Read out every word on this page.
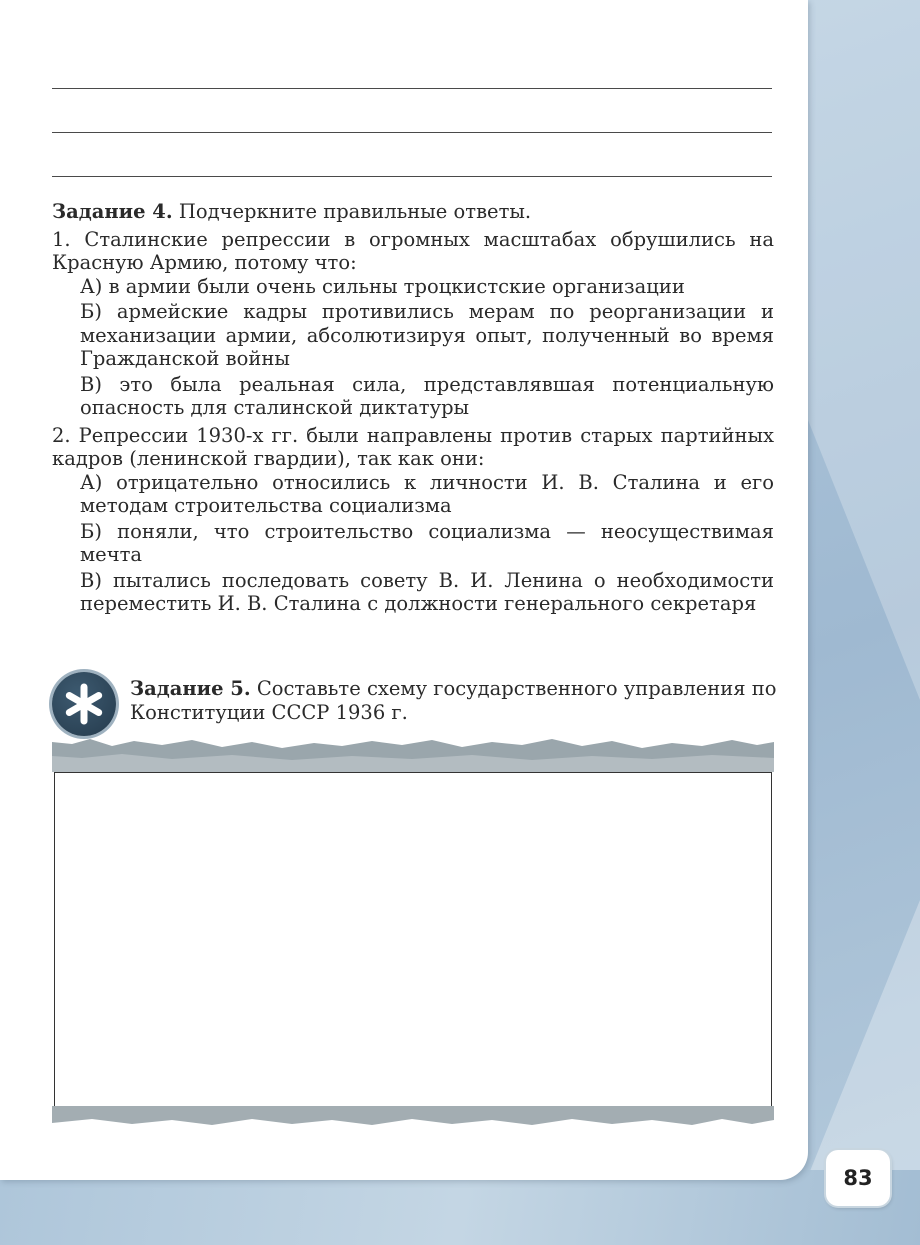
Задание 4. Подчеркните правильные ответы.

1. Сталинские репрессии в огромных масштабах обрушились на Красную Армию, потому что:

А) в армии были очень сильны троцкистские организации

Б) армейские кадры противились мерам по реорганизации и механизации армии, абсолютизируя опыт, полученный во время Гражданской войны

В) это была реальная сила, представлявшая потенциальную опасность для сталинской диктатуры

2. Репрессии 1930-х гг. были направлены против старых партийных кадров (ленинской гвардии), так как они:

А) отрицательно относились к личности И. В. Сталина и его методам строительства социализма

Б) поняли, что строительство социализма — неосуществимая мечта

В) пытались последовать совету В. И. Ленина о необходимости переместить И. В. Сталина с должности генерального секретаря

Задание 5. Составьте схему государственного управления по Конституции СССР 1936 г.
83
